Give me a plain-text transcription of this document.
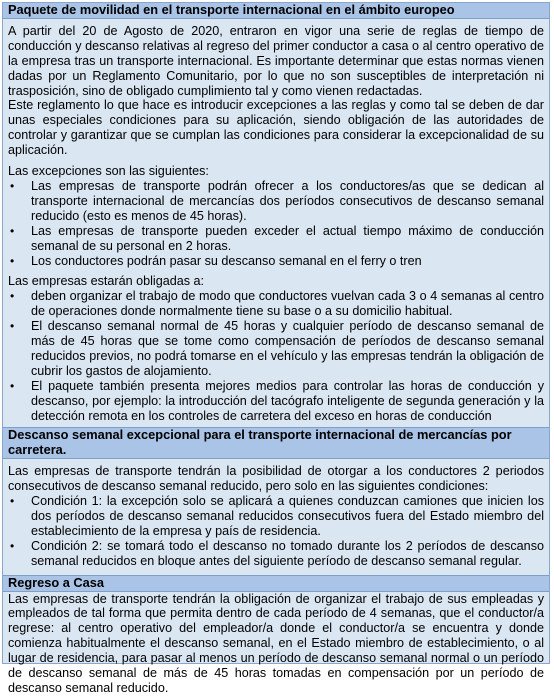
Paquete de movilidad en el transporte internacional en el ámbito europeo

A partir del 20 de Agosto de 2020, entraron en vigor una serie de reglas de tiempo de conducción y descanso relativas al regreso del primer conductor a casa o al centro operativo de la empresa tras un transporte internacional. Es importante determinar que estas normas vienen dadas por un Reglamento Comunitario, por lo que no son susceptibles de interpretación ni trasposición, sino de obligado cumplimiento tal y como vienen redactadas.

Este reglamento lo que hace es introducir excepciones a las reglas y como tal se deben de dar unas especiales condiciones para su aplicación, siendo obligación de las autoridades de controlar y garantizar que se cumplan las condiciones para considerar la excepcionalidad de su aplicación.

Las excepciones son las siguientes:

• Las empresas de transporte podrán ofrecer a los conductores/as que se dedican al transporte internacional de mercancías dos períodos consecutivos de descanso semanal reducido (esto es menos de 45 horas).
• Las empresas de transporte pueden exceder el actual tiempo máximo de conducción semanal de su personal en 2 horas.
• Los conductores podrán pasar su descanso semanal en el ferry o tren

Las empresas estarán obligadas a:

• deben organizar el trabajo de modo que conductores vuelvan cada 3 o 4 semanas al centro de operaciones donde normalmente tiene su base o a su domicilio habitual.
• El descanso semanal normal de 45 horas y cualquier período de descanso semanal de más de 45 horas que se tome como compensación de períodos de descanso semanal reducidos previos, no podrá tomarse en el vehículo y las empresas tendrán la obligación de cubrir los gastos de alojamiento.
• El paquete también presenta mejores medios para controlar las horas de conducción y descanso, por ejemplo: la introducción del tacógrafo inteligente de segunda generación y la detección remota en los controles de carretera del exceso en horas de conducción
Descanso semanal excepcional para el transporte internacional de mercancías por carretera.

Las empresas de transporte tendrán la posibilidad de otorgar a los conductores 2 periodos consecutivos de descanso semanal reducido, pero solo en las siguientes condiciones:

• Condición 1: la excepción solo se aplicará a quienes conduzcan camiones que inicien los dos períodos de descanso semanal reducidos consecutivos fuera del Estado miembro del establecimiento de la empresa y país de residencia.
• Condición 2: se tomará todo el descanso no tomado durante los 2 períodos de descanso semanal reducidos en bloque antes del siguiente período de descanso semanal regular.
Regreso a Casa

Las empresas de transporte tendrán la obligación de organizar el trabajo de sus empleadas y empleados de tal forma que permita dentro de cada período de 4 semanas, que el conductor/a regrese: al centro operativo del empleador/a donde el conductor/a se encuentra y donde comienza habitualmente el descanso semanal, en el Estado miembro de establecimiento, o al lugar de residencia, para pasar al menos un período de descanso semanal normal o un período de descanso semanal de más de 45 horas tomadas en compensación por un período de descanso semanal reducido.
